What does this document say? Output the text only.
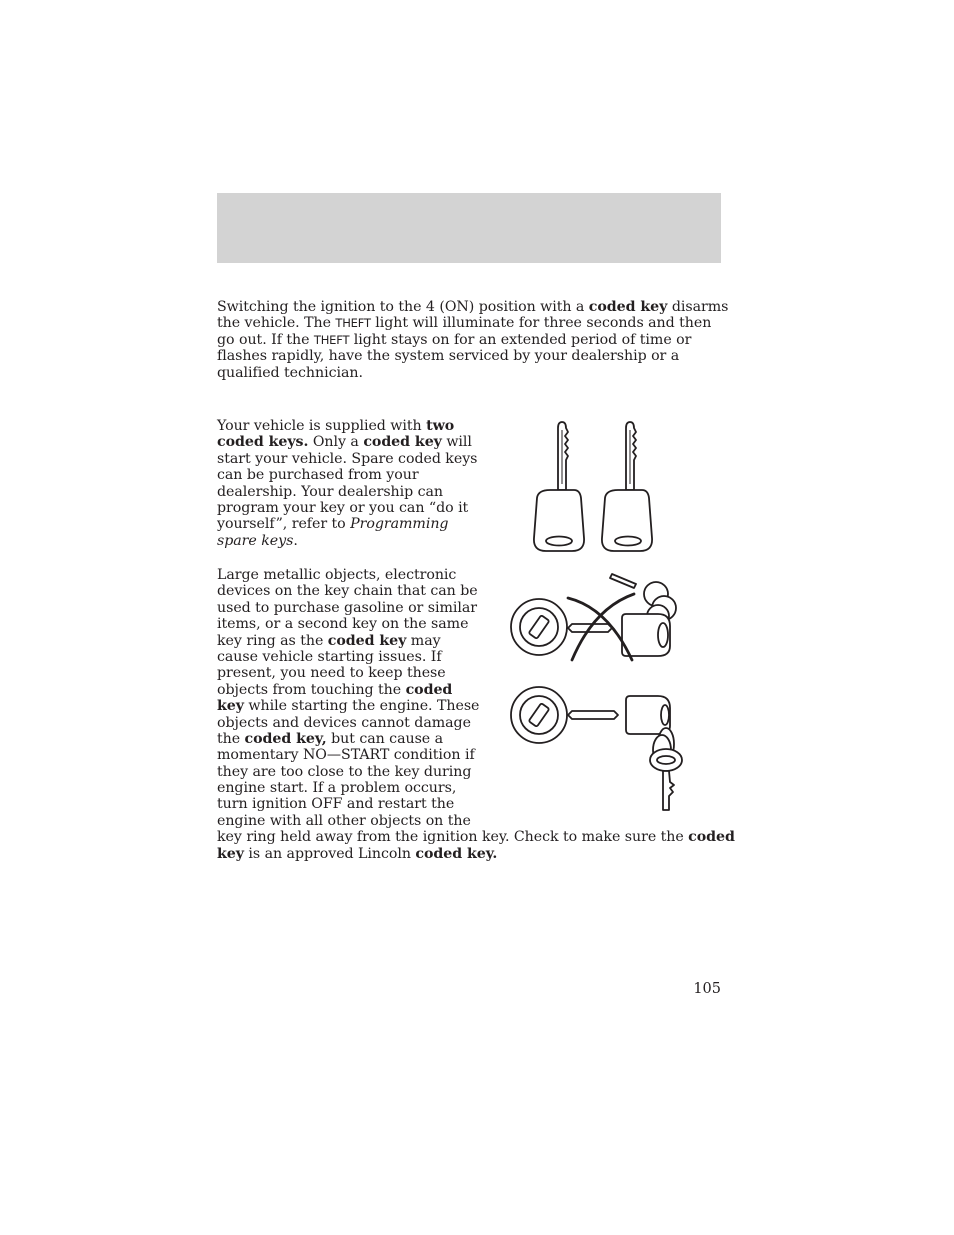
Switching the ignition to the 4 (ON) position with a coded key disarms
the vehicle. The THEFT light will illuminate for three seconds and then
go out. If the THEFT light stays on for an extended period of time or
flashes rapidly, have the system serviced by your dealership or a
qualified technician.
Your vehicle is supplied with two
coded keys. Only a coded key will
start your vehicle. Spare coded keys
can be purchased from your
dealership. Your dealership can
program your key or you can “do it
yourself”, refer to Programming
spare keys.
Large metallic objects, electronic
devices on the key chain that can be
used to purchase gasoline or similar
items, or a second key on the same
key ring as the coded key may
cause vehicle starting issues. If
present, you need to keep these
objects from touching the coded
key while starting the engine. These
objects and devices cannot damage
the coded key, but can cause a
momentary NO—START condition if
they are too close to the key during
engine start. If a problem occurs,
turn ignition OFF and restart the
engine with all other objects on the
key ring held away from the ignition key. Check to make sure the coded
key is an approved Lincoln coded key.
105
